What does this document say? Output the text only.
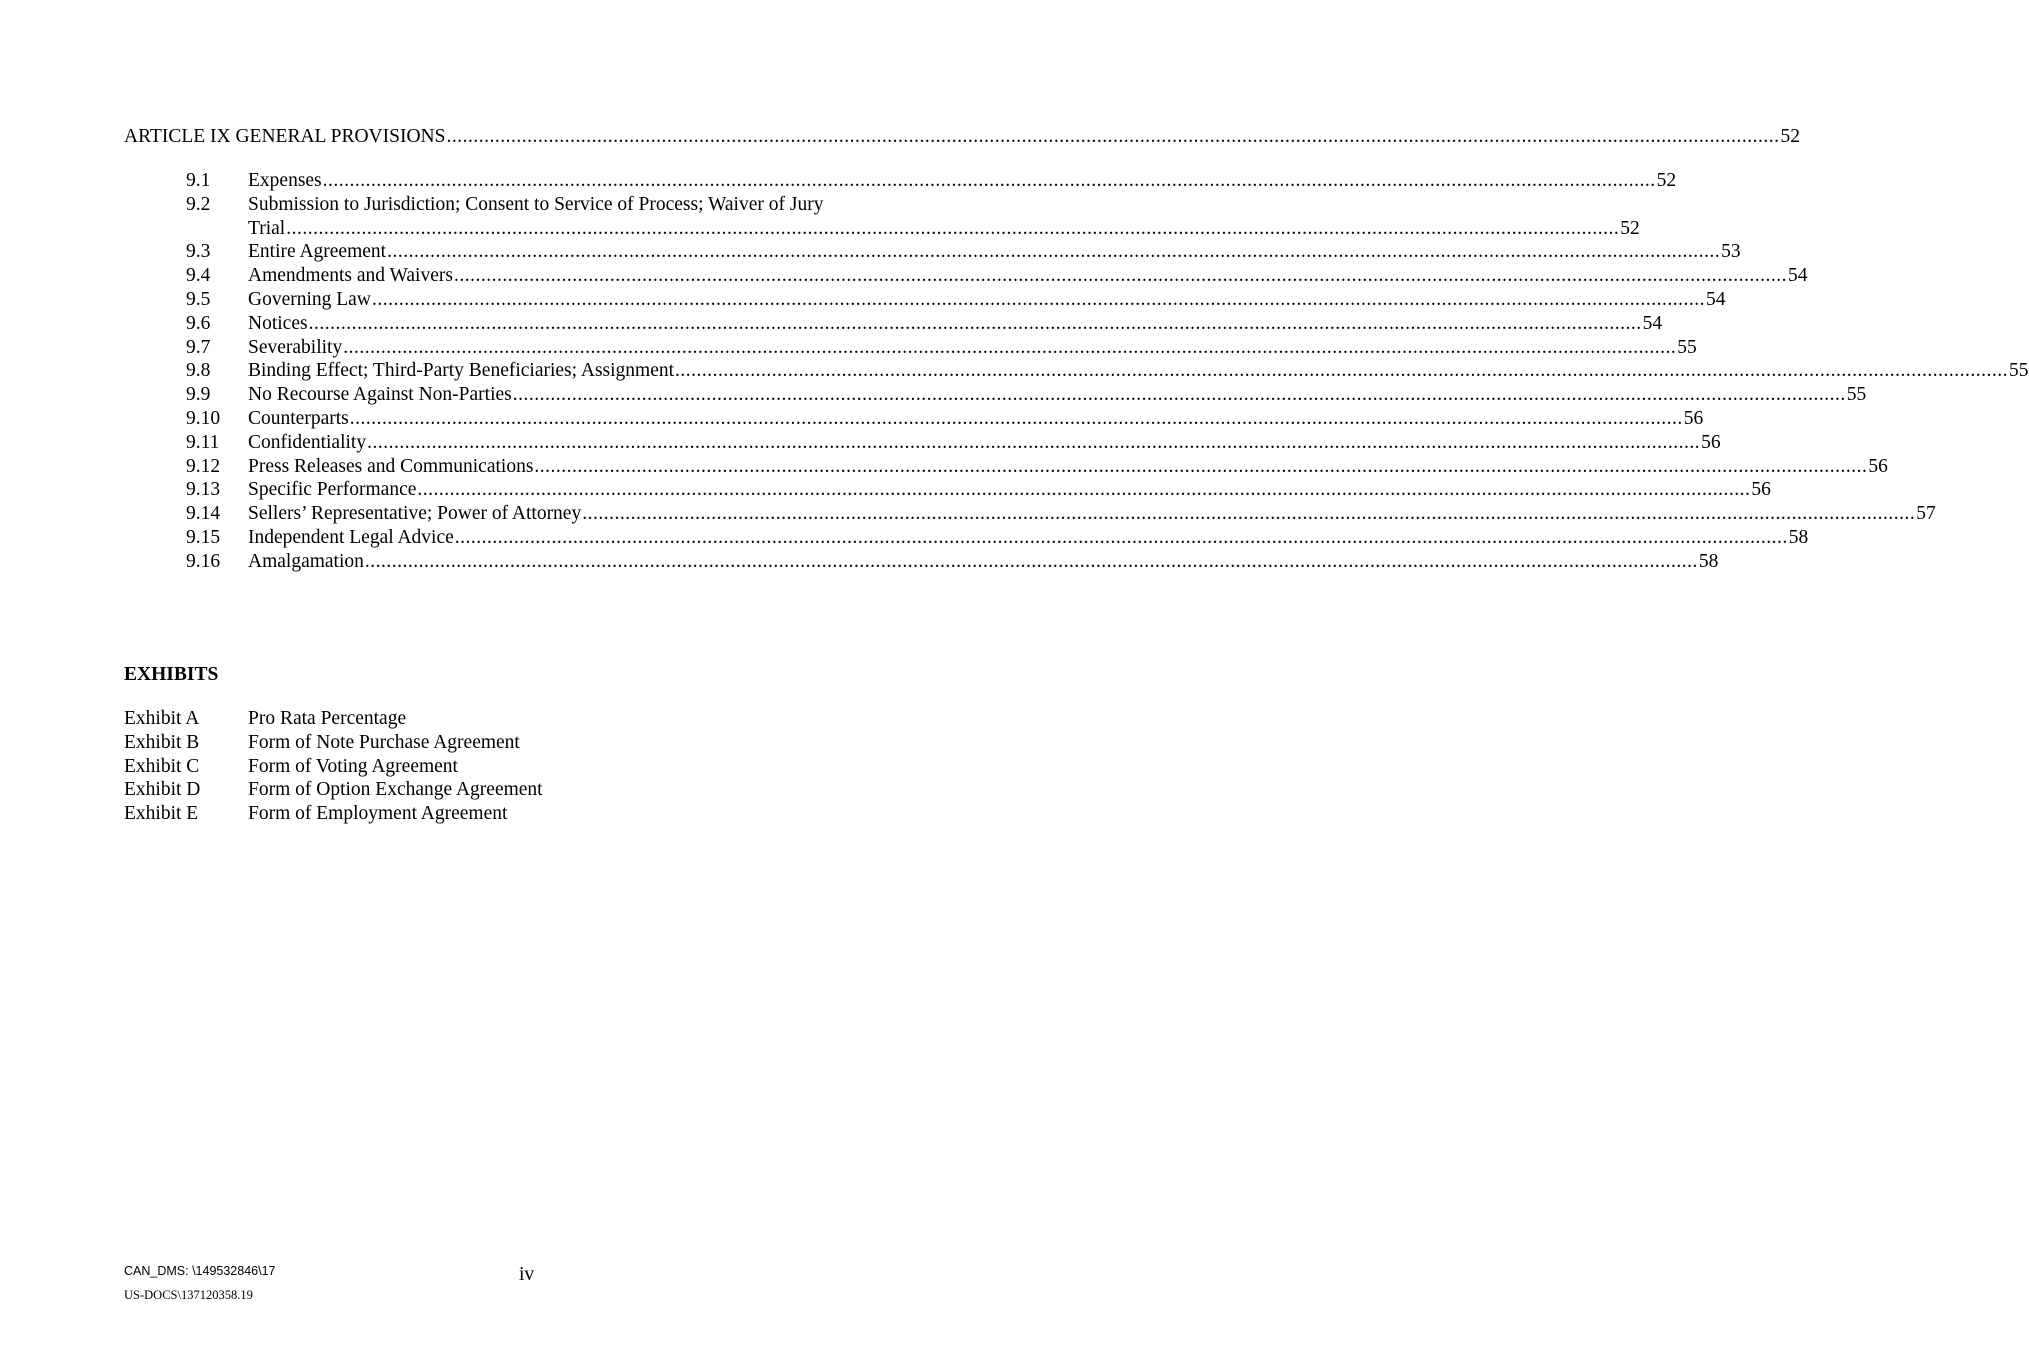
ARTICLE IX GENERAL PROVISIONS .....	52
9.1 Expenses .....	52
9.2 Submission to Jurisdiction; Consent to Service of Process; Waiver of Jury
Trial .....	52
9.3 Entire Agreement .....	53
9.4 Amendments and Waivers .....	54
9.5 Governing Law .....	54
9.6 Notices .....	54
9.7 Severability .....	55
9.8 Binding Effect; Third-Party Beneficiaries; Assignment .....	55
9.9 No Recourse Against Non-Parties .....	55
9.10 Counterparts .....	56
9.11 Confidentiality .....	56
9.12 Press Releases and Communications .....	56
9.13 Specific Performance .....	56
9.14 Sellers’ Representative; Power of Attorney .....	57
9.15 Independent Legal Advice .....	58
9.16 Amalgamation .....	58
EXHIBITS
Exhibit A Pro Rata Percentage
Exhibit B Form of Note Purchase Agreement
Exhibit C Form of Voting Agreement
Exhibit D Form of Option Exchange Agreement
Exhibit E	Form of Employment Agreement
CAN_DMS: \149532846\17	iv
US-DOCS\137120358.19
